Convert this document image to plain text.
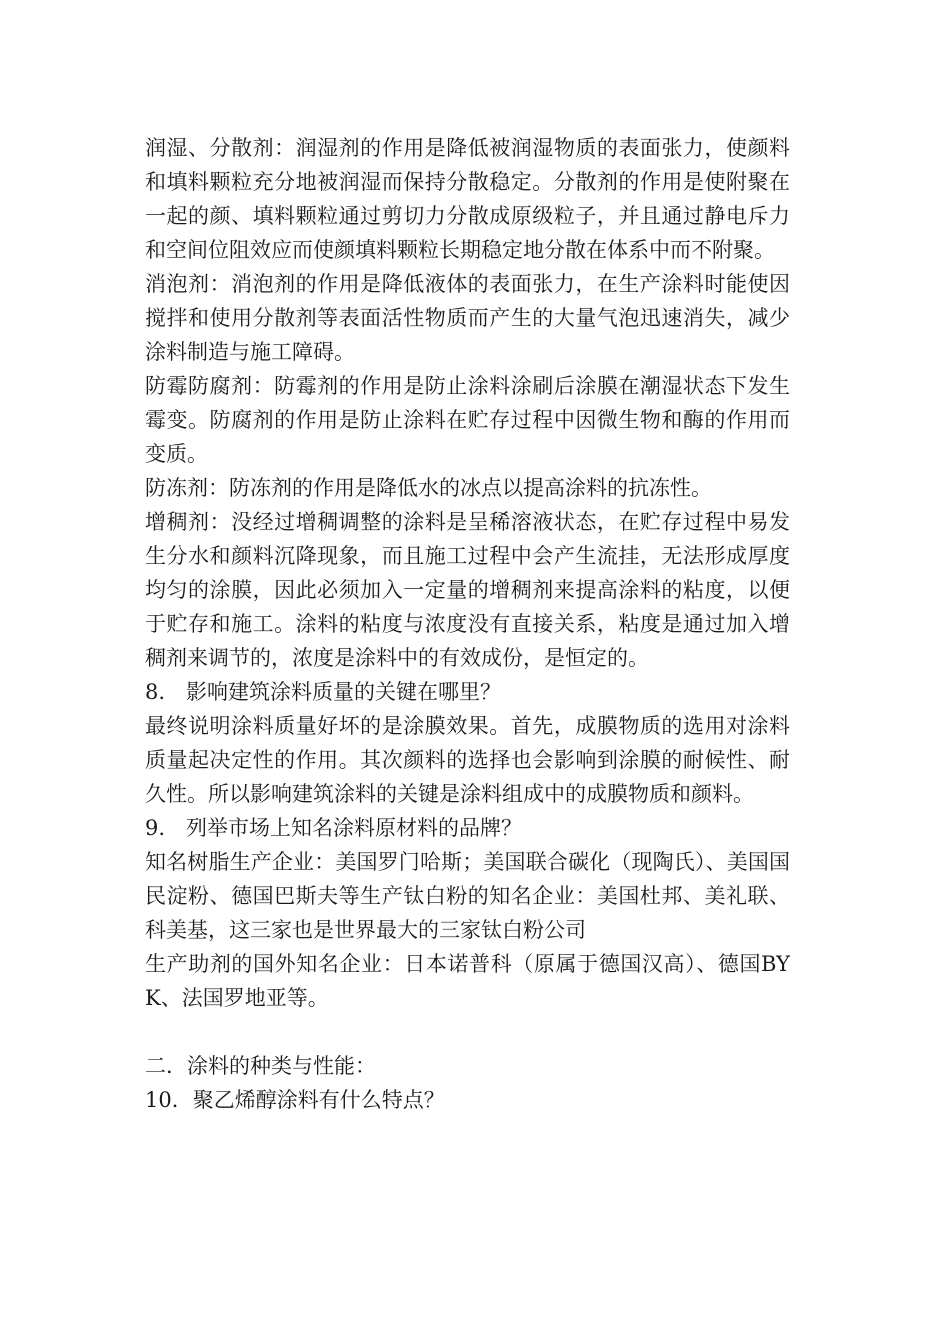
润湿、分散剂：润湿剂的作用是降低被润湿物质的表面张力，使颜料和填料颗粒充分地被润湿而保持分散稳定。分散剂的作用是使附聚在一起的颜、填料颗粒通过剪切力分散成原级粒子，并且通过静电斥力和空间位阻效应而使颜填料颗粒长期稳定地分散在体系中而不附聚。

消泡剂：消泡剂的作用是降低液体的表面张力，在生产涂料时能使因搅拌和使用分散剂等表面活性物质而产生的大量气泡迅速消失，减少涂料制造与施工障碍。

防霉防腐剂：防霉剂的作用是防止涂料涂刷后涂膜在潮湿状态下发生霉变。防腐剂的作用是防止涂料在贮存过程中因微生物和酶的作用而变质。

防冻剂：防冻剂的作用是降低水的冰点以提高涂料的抗冻性。

增稠剂：没经过增稠调整的涂料是呈稀溶液状态，在贮存过程中易发生分水和颜料沉降现象，而且施工过程中会产生流挂，无法形成厚度均匀的涂膜，因此必须加入一定量的增稠剂来提高涂料的粘度，以便于贮存和施工。涂料的粘度与浓度没有直接关系，粘度是通过加入增稠剂来调节的，浓度是涂料中的有效成份，是恒定的。

8.　影响建筑涂料质量的关键在哪里？

最终说明涂料质量好坏的是涂膜效果。首先，成膜物质的选用对涂料质量起决定性的作用。其次颜料的选择也会影响到涂膜的耐候性、耐久性。所以影响建筑涂料的关键是涂料组成中的成膜物质和颜料。

9.　列举市场上知名涂料原材料的品牌？

知名树脂生产企业：美国罗门哈斯；美国联合碳化（现陶氏）、美国国民淀粉、德国巴斯夫等生产钛白粉的知名企业：美国杜邦、美礼联、科美基，这三家也是世界最大的三家钛白粉公司

生产助剂的国外知名企业：日本诺普科（原属于德国汉高）、德国BYK、法国罗地亚等。

二．涂料的种类与性能：

10．聚乙烯醇涂料有什么特点？
